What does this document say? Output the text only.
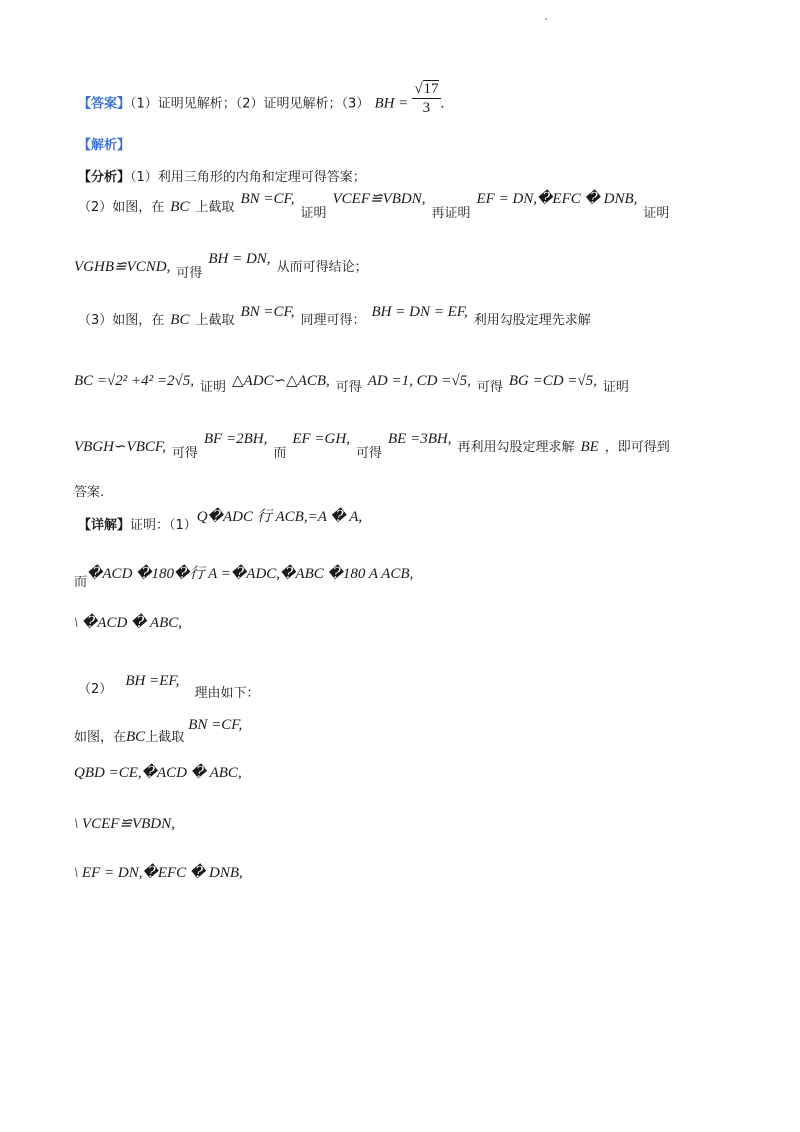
【答案】（1）证明见解析；（2）证明见解析；（3） BH = $\frac{√17}{3}$ .
【解析】
【分析】（1）利用三角形的内角和定理可得答案；
（2）如图，在 BC 上截取BN $=CF,_{证明}VCEF≌VBDN,_{再证明}EF$ = DN,�EFC � $DNB,_{证明}$
VGHB≌VCND, $_{可得}$BH = DN,从而可得结论；
（3）如图，在 BC 上截取BN =CF,同理可得：BH = DN = EF,利用勾股定理先求解
BC =√2² +4² =2√5, $_{证明}$ △ADC∽△ACB, $_{可得}$ AD =1, CD =√5, $_{可得}$ BG =CD =√5, $_{证明}$
VBGH∽VBCF, $_{可得}BF =2BH,_而EF =GH,_{可得}BE =3BH$,再利用勾股定理求解 BE ，即可得到
答案.
【详解】证明：（1）Q�ADC 行 ACB,=A � A,
$_而$�ACD �180�行 A =�ADC,�ABC �180 A ACB,
\ �ACD � ABC,
$_{(2)}$ BH =EF, $_{理由如下:}$
$_{如图,在}BC_{上截取}BN =CF$,
QBD =CE,�ACD � ABC,
\ VCEF≌VBDN,
\ EF = DN,�EFC � DNB,
